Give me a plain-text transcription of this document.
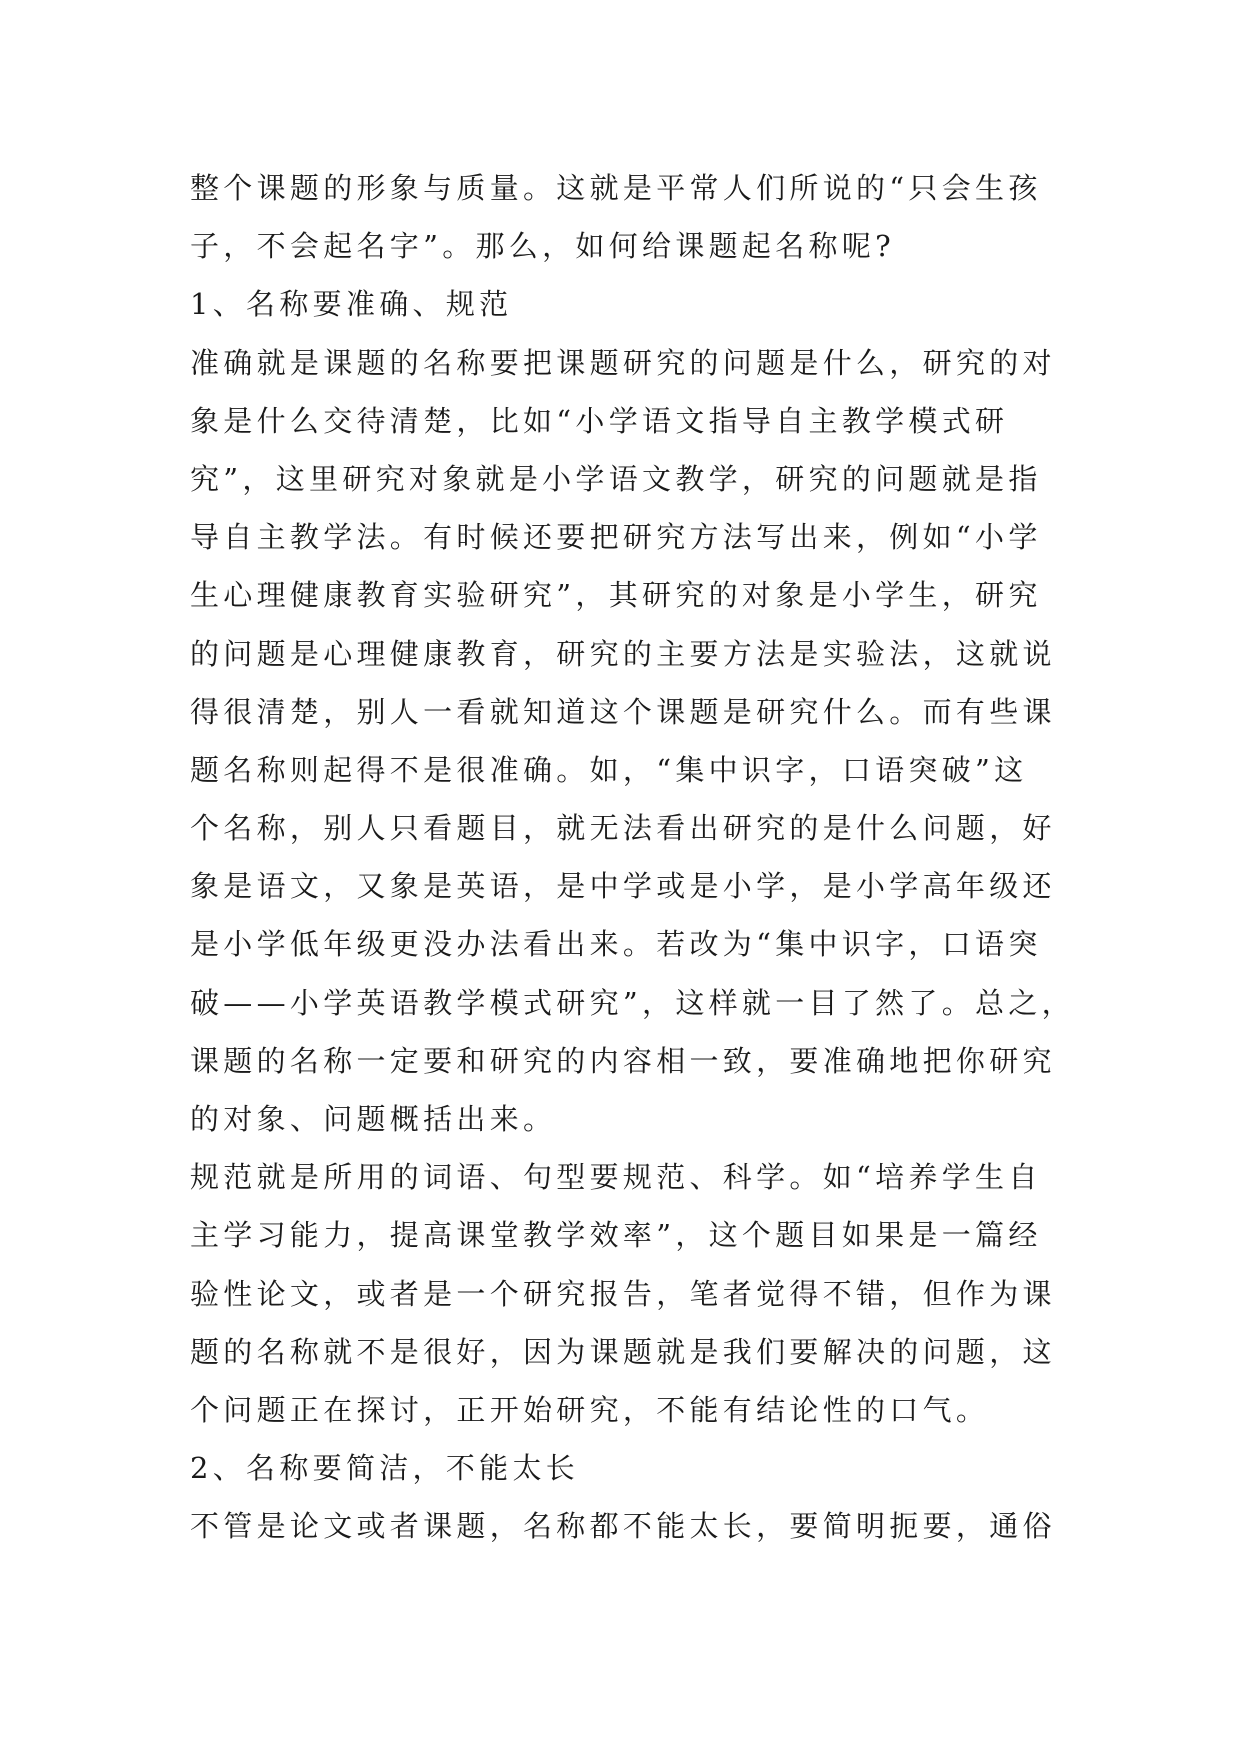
整个课题的形象与质量。这就是平常人们所说的“只会生孩
子，不会起名字”。那么，如何给课题起名称呢?
1、名称要准确、规范
准确就是课题的名称要把课题研究的问题是什么，研究的对
象是什么交待清楚，比如“小学语文指导自主教学模式研
究”，这里研究对象就是小学语文教学，研究的问题就是指
导自主教学法。有时候还要把研究方法写出来，例如“小学
生心理健康教育实验研究”，其研究的对象是小学生，研究
的问题是心理健康教育，研究的主要方法是实验法，这就说
得很清楚，别人一看就知道这个课题是研究什么。而有些课
题名称则起得不是很准确。如，“集中识字，口语突破”这
个名称，别人只看题目，就无法看出研究的是什么问题，好
象是语文，又象是英语，是中学或是小学，是小学高年级还
是小学低年级更没办法看出来。若改为“集中识字，口语突
破——小学英语教学模式研究”，这样就一目了然了。总之，
课题的名称一定要和研究的内容相一致，要准确地把你研究
的对象、问题概括出来。
规范就是所用的词语、句型要规范、科学。如“培养学生自
主学习能力，提高课堂教学效率”，这个题目如果是一篇经
验性论文，或者是一个研究报告，笔者觉得不错，但作为课
题的名称就不是很好，因为课题就是我们要解决的问题，这
个问题正在探讨，正开始研究，不能有结论性的口气。
2、名称要简洁，不能太长
不管是论文或者课题，名称都不能太长，要简明扼要，通俗
